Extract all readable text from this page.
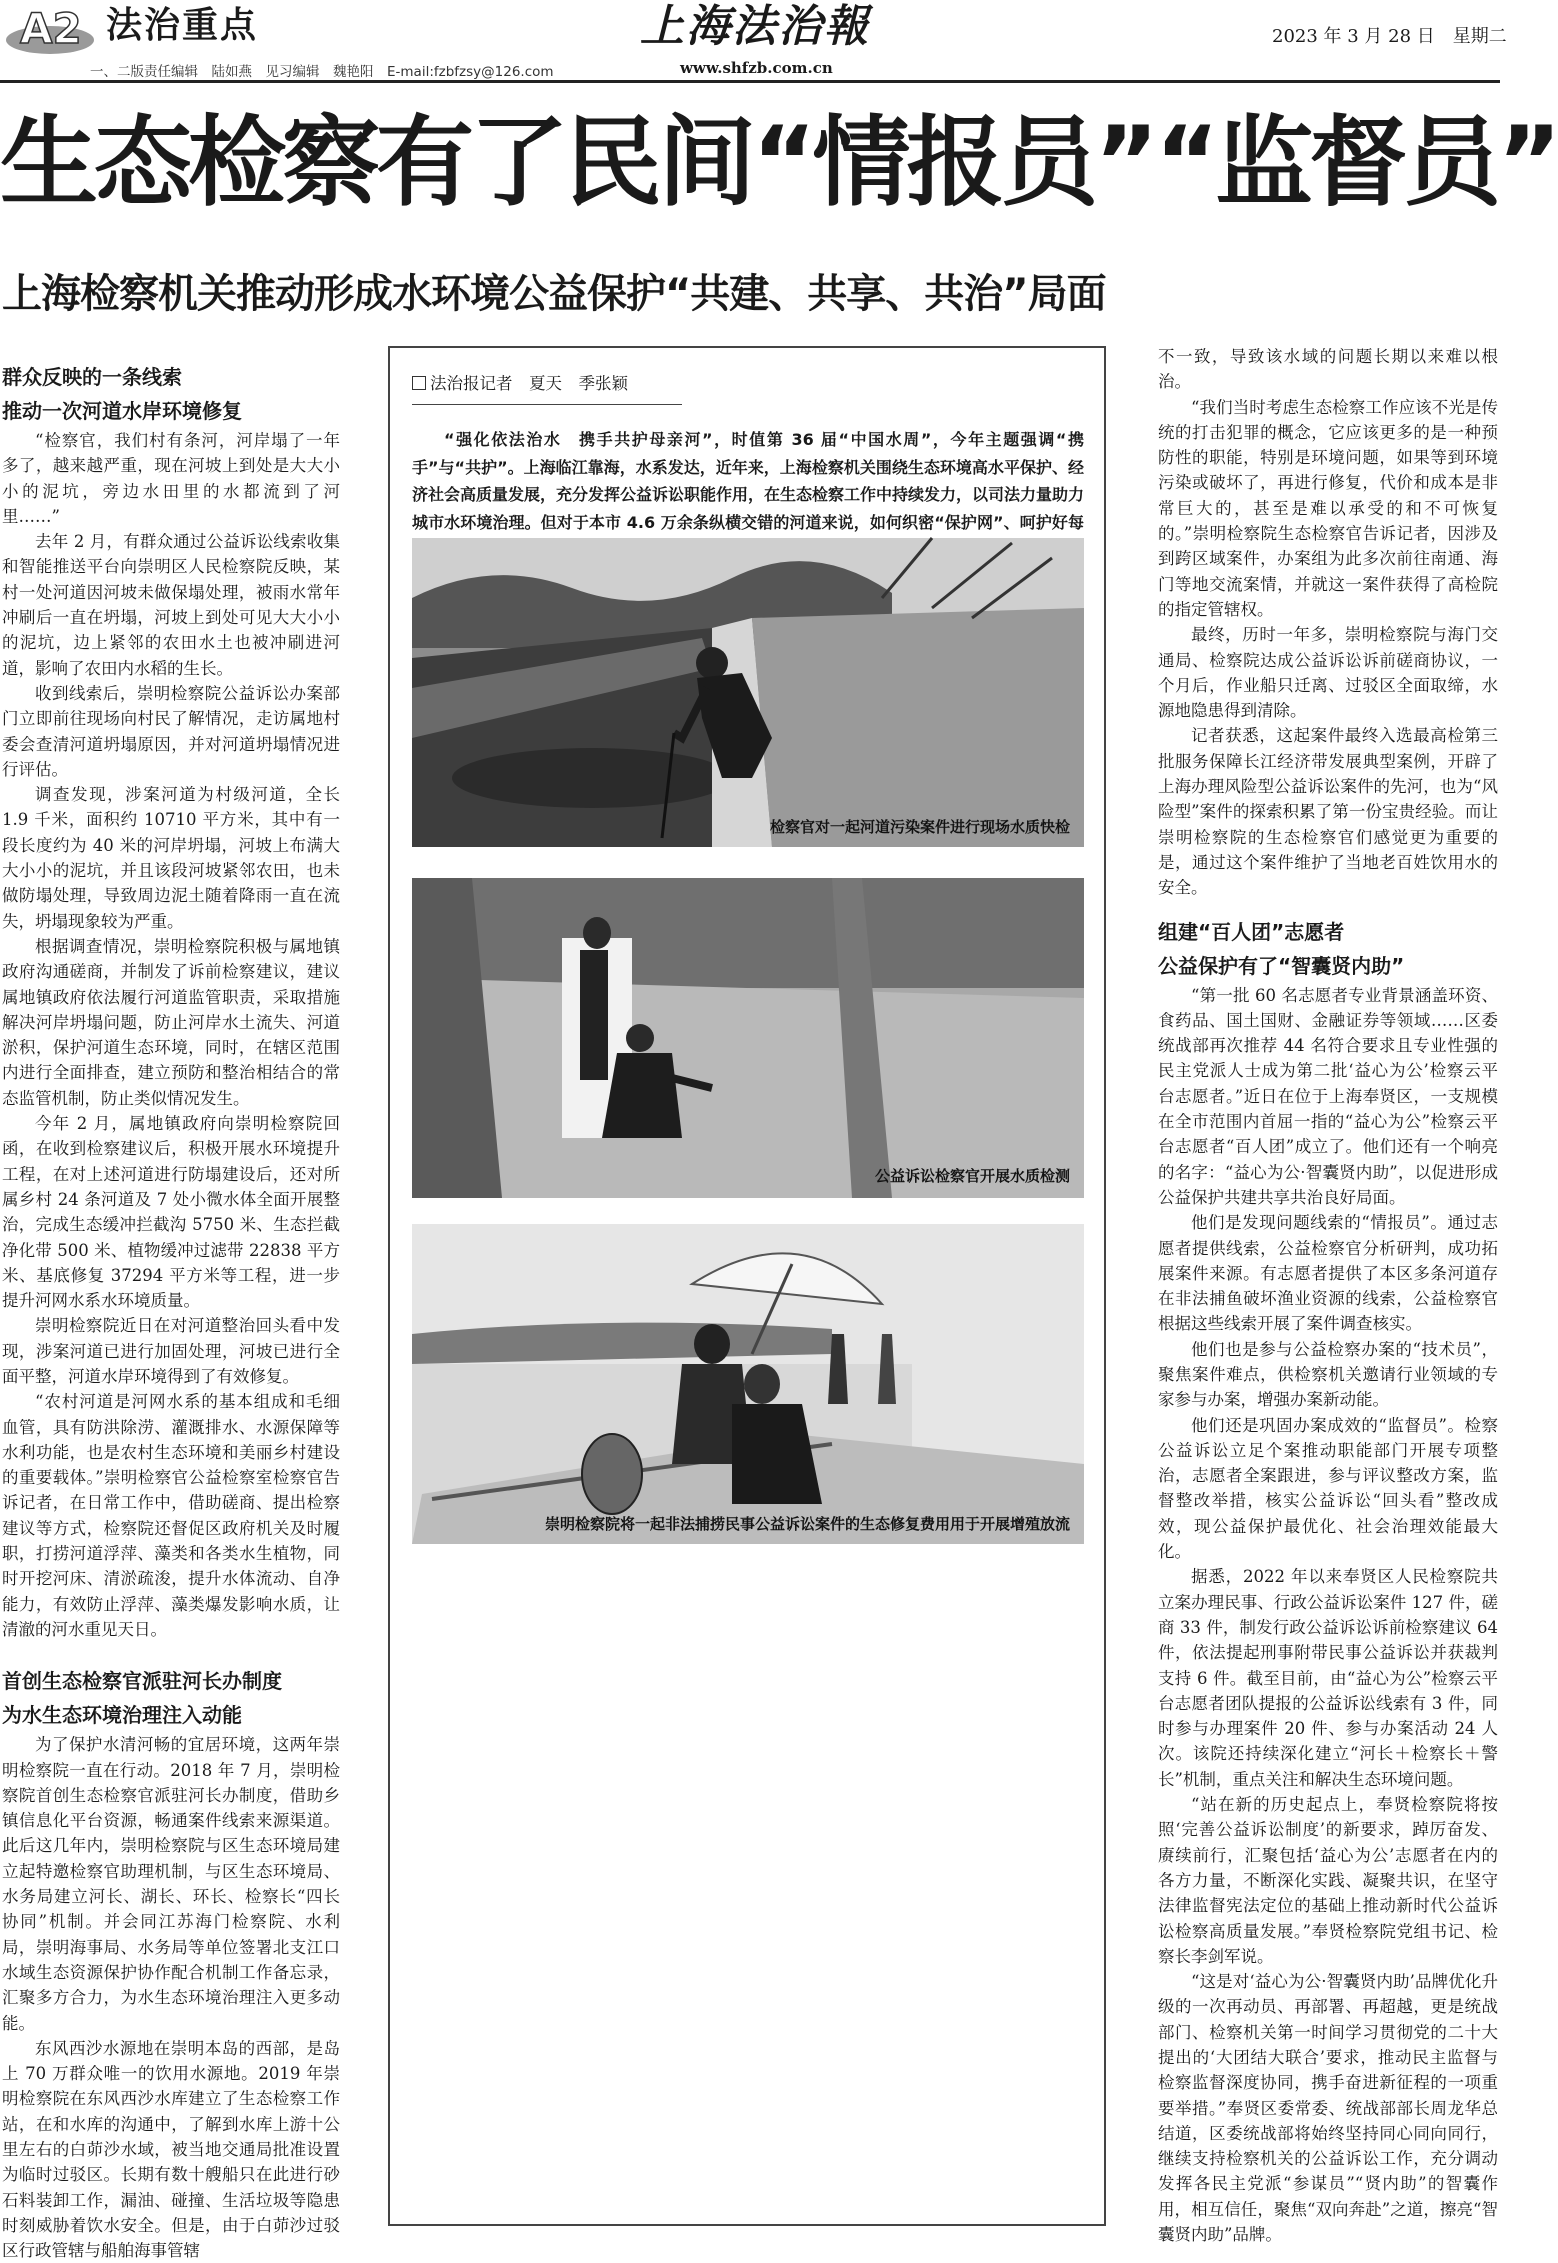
A2 法治重点
一、二版责任编辑　陆如燕　见习编辑　魏艳阳　E-mail:fzbfzsy@126.com
上海法治報
www.shfzb.com.cn
2023 年 3 月 28 日　星期二
生态检察有了民间“情报员”“监督员”
上海检察机关推动形成水环境公益保护“共建、共享、共治”局面
群众反映的一条线索
推动一次河道水岸环境修复

“检察官，我们村有条河，河岸塌了一年多了，越来越严重，现在河坡上到处是大大小小的泥坑，旁边水田里的水都流到了河里……”

去年 2 月，有群众通过公益诉讼线索收集和智能推送平台向崇明区人民检察院反映，某村一处河道因河坡未做保塌处理，被雨水常年冲刷后一直在坍塌，河坡上到处可见大大小小的泥坑，边上紧邻的农田水土也被冲刷进河道，影响了农田内水稻的生长。

收到线索后，崇明检察院公益诉讼办案部门立即前往现场向村民了解情况，走访属地村委会查清河道坍塌原因，并对河道坍塌情况进行评估。

调查发现，涉案河道为村级河道，全长 1.9 千米，面积约 10710 平方米，其中有一段长度约为 40 米的河岸坍塌，河坡上布满大大小小的泥坑，并且该段河坡紧邻农田，也未做防塌处理，导致周边泥土随着降雨一直在流失，坍塌现象较为严重。

根据调查情况，崇明检察院积极与属地镇政府沟通磋商，并制发了诉前检察建议，建议属地镇政府依法履行河道监管职责，采取措施解决河岸坍塌问题，防止河岸水土流失、河道淤积，保护河道生态环境，同时，在辖区范围内进行全面排查，建立预防和整治相结合的常态监管机制，防止类似情况发生。

今年 2 月，属地镇政府向崇明检察院回函，在收到检察建议后，积极开展水环境提升工程，在对上述河道进行防塌建设后，还对所属乡村 24 条河道及 7 处小微水体全面开展整治，完成生态缓冲拦截沟 5750 米、生态拦截净化带 500 米、植物缓冲过滤带 22838 平方米、基底修复 37294 平方米等工程，进一步提升河网水系水环境质量。

崇明检察院近日在对河道整治回头看中发现，涉案河道已进行加固处理，河坡已进行全面平整，河道水岸环境得到了有效修复。

“农村河道是河网水系的基本组成和毛细血管，具有防洪除涝、灌溉排水、水源保障等水利功能，也是农村生态环境和美丽乡村建设的重要载体。”崇明检察官公益检察室检察官告诉记者，在日常工作中，借助磋商、提出检察建议等方式，检察院还督促区政府机关及时履职，打捞河道浮萍、藻类和各类水生植物，同时开挖河床、清淤疏浚，提升水体流动、自净能力，有效防止浮萍、藻类爆发影响水质，让清澈的河水重见天日。

首创生态检察官派驻河长办制度
为水生态环境治理注入动能

为了保护水清河畅的宜居环境，这两年崇明检察院一直在行动。2018 年 7 月，崇明检察院首创生态检察官派驻河长办制度，借助乡镇信息化平台资源，畅通案件线索来源渠道。此后这几年内，崇明检察院与区生态环境局建立起特邀检察官助理机制，与区生态环境局、水务局建立河长、湖长、环长、检察长“四长协同”机制。并会同江苏海门检察院、水利局，崇明海事局、水务局等单位签署北支江口水域生态资源保护协作配合机制工作备忘录，汇聚多方合力，为水生态环境治理注入更多动能。

东风西沙水源地在崇明本岛的西部，是岛上 70 万群众唯一的饮用水源地。2019 年崇明检察院在东风西沙水库建立了生态检察工作站，在和水库的沟通中，了解到水库上游十公里左右的白茆沙水域，被当地交通局批准设置为临时过驳区。长期有数十艘船只在此进行砂石料装卸工作，漏油、碰撞、生活垃圾等隐患时刻威胁着饮水安全。但是，由于白茆沙过驳区行政管辖与船舶海事管辖

法治报记者　夏天　季张颖

“强化依法治水　携手共护母亲河”，时值第 36 届“中国水周”，今年主题强调“携手”与“共护”。上海临江靠海，水系发达，近年来，上海检察机关围绕生态环境高水平保护、经济社会高质量发展，充分发挥公益诉讼职能作用，在生态检察工作中持续发力，以司法力量助力城市水环境治理。但对于本市 4.6 万余条纵横交错的河道来说，如何织密“保护网”、呵护好每

检察官对一起河道污染案件进行现场水质快检
公益诉讼检察官开展水质检测
崇明检察院将一起非法捕捞民事公益诉讼案件的生态修复费用用于开展增殖放流

不一致，导致该水域的问题长期以来难以根治。

“我们当时考虑生态检察工作应该不光是传统的打击犯罪的概念，它应该更多的是一种预防性的职能，特别是环境问题，如果等到环境污染或破坏了，再进行修复，代价和成本是非常巨大的，甚至是难以承受的和不可恢复的。”崇明检察院生态检察官告诉记者，因涉及到跨区域案件，办案组为此多次前往南通、海门等地交流案情，并就这一案件获得了高检院的指定管辖权。

最终，历时一年多，崇明检察院与海门交通局、检察院达成公益诉讼诉前磋商协议，一个月后，作业船只迁离、过驳区全面取缔，水源地隐患得到清除。

记者获悉，这起案件最终入选最高检第三批服务保障长江经济带发展典型案例，开辟了上海办理风险型公益诉讼案件的先河，也为“风险型”案件的探索积累了第一份宝贵经验。而让崇明检察院的生态检察官们感觉更为重要的是，通过这个案件维护了当地老百姓饮用水的安全。

组建“百人团”志愿者
公益保护有了“智囊贤内助”

“第一批 60 名志愿者专业背景涵盖环资、食药品、国土国财、金融证券等领域……区委统战部再次推荐 44 名符合要求且专业性强的民主党派人士成为第二批‘益心为公’检察云平台志愿者。”近日在位于上海奉贤区，一支规模在全市范围内首屈一指的“益心为公”检察云平台志愿者“百人团”成立了。他们还有一个响亮的名字：“益心为公·智囊贤内助”，以促进形成公益保护共建共享共治良好局面。

他们是发现问题线索的“情报员”。通过志愿者提供线索，公益检察官分析研判，成功拓展案件来源。有志愿者提供了本区多条河道存在非法捕鱼破坏渔业资源的线索，公益检察官根据这些线索开展了案件调查核实。

他们也是参与公益检察办案的“技术员”，聚焦案件难点，供检察机关邀请行业领域的专家参与办案，增强办案新动能。

他们还是巩固办案成效的“监督员”。检察公益诉讼立足个案推动职能部门开展专项整治，志愿者全案跟进，参与评议整改方案，监督整改举措，核实公益诉讼“回头看”整改成效，现公益保护最优化、社会治理效能最大化。

据悉，2022 年以来奉贤区人民检察院共立案办理民事、行政公益诉讼案件 127 件，磋商 33 件，制发行政公益诉讼诉前检察建议 64 件，依法提起刑事附带民事公益诉讼并获裁判支持 6 件。截至目前，由“益心为公”检察云平台志愿者团队提报的公益诉讼线索有 3 件，同时参与办理案件 20 件、参与办案活动 24 人次。该院还持续深化建立“河长＋检察长＋警长”机制，重点关注和解决生态环境问题。

“站在新的历史起点上，奉贤检察院将按照‘完善公益诉讼制度’的新要求，踔厉奋发、赓续前行，汇聚包括‘益心为公’志愿者在内的各方力量，不断深化实践、凝聚共识，在坚守法律监督宪法定位的基础上推动新时代公益诉讼检察高质量发展。”奉贤检察院党组书记、检察长李剑军说。

“这是对‘益心为公·智囊贤内助’品牌优化升级的一次再动员、再部署、再超越，更是统战部门、检察机关第一时间学习贯彻党的二十大提出的‘大团结大联合’要求，推动民主监督与检察监督深度协同，携手奋进新征程的一项重要举措。”奉贤区委常委、统战部部长周龙华总结道，区委统战部将始终坚持同心同向同行，继续支持检察机关的公益诉讼工作，充分调动发挥各民主党派“参谋员”“贤内助”的智囊作用，相互信任，聚焦“双向奔赴”之道，擦亮“智囊贤内助”品牌。
